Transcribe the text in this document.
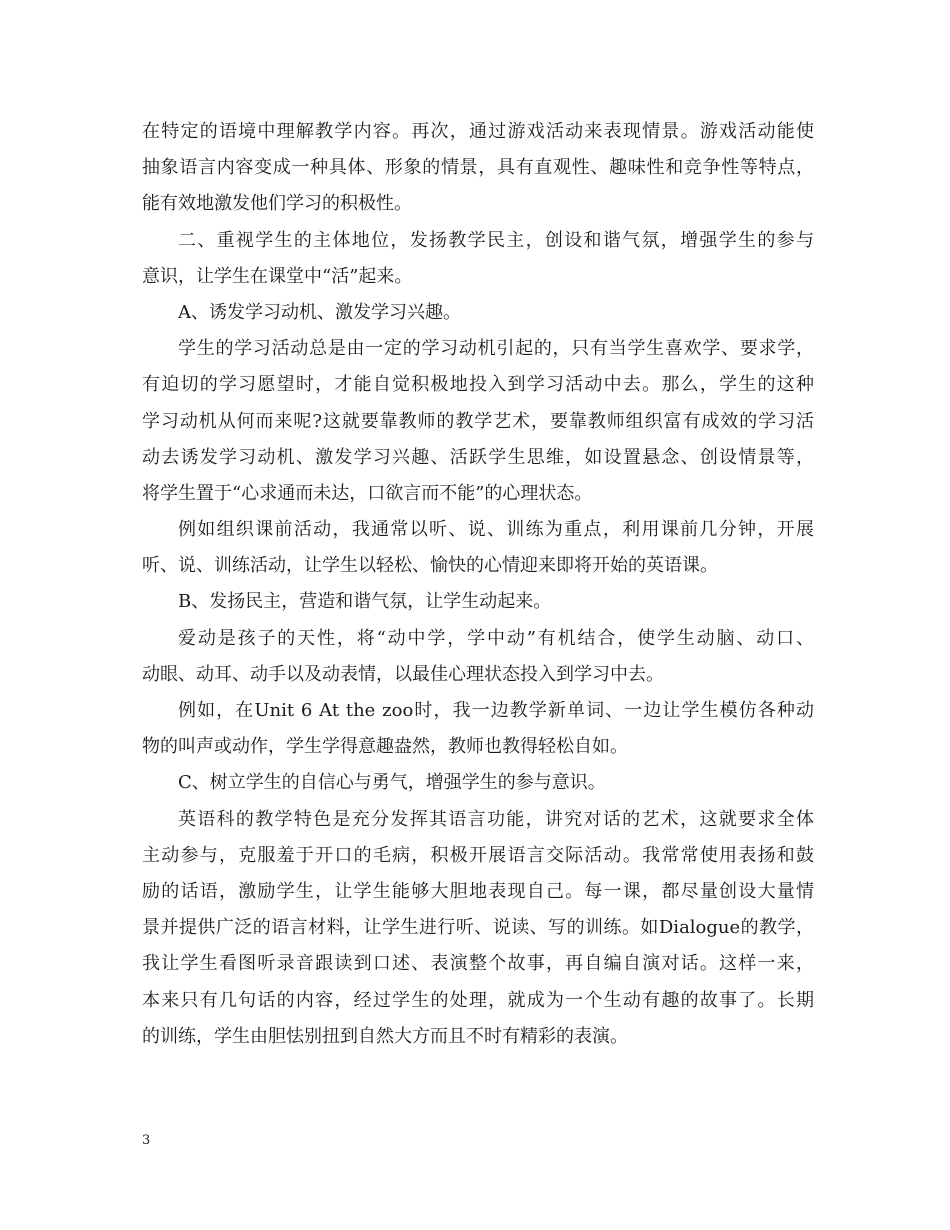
在特定的语境中理解教学内容。再次，通过游戏活动来表现情景。游戏活动能使
抽象语言内容变成一种具体、形象的情景，具有直观性、趣味性和竞争性等特点，
能有效地激发他们学习的积极性。
二、重视学生的主体地位，发扬教学民主，创设和谐气氛，增强学生的参与
意识，让学生在课堂中“活”起来。
A、诱发学习动机、激发学习兴趣。
学生的学习活动总是由一定的学习动机引起的，只有当学生喜欢学、要求学，
有迫切的学习愿望时，才能自觉积极地投入到学习活动中去。那么，学生的这种
学习动机从何而来呢?这就要靠教师的教学艺术，要靠教师组织富有成效的学习活
动去诱发学习动机、激发学习兴趣、活跃学生思维，如设置悬念、创设情景等，
将学生置于“心求通而未达，口欲言而不能”的心理状态。
例如组织课前活动，我通常以听、说、训练为重点，利用课前几分钟，开展
听、说、训练活动，让学生以轻松、愉快的心情迎来即将开始的英语课。
B、发扬民主，营造和谐气氛，让学生动起来。
爱动是孩子的天性，将“动中学，学中动”有机结合，使学生动脑、动口、
动眼、动耳、动手以及动表情，以最佳心理状态投入到学习中去。
例如，在Unit 6 At the zoo时，我一边教学新单词、一边让学生模仿各种动
物的叫声或动作，学生学得意趣盎然，教师也教得轻松自如。
C、树立学生的自信心与勇气，增强学生的参与意识。
英语科的教学特色是充分发挥其语言功能，讲究对话的艺术，这就要求全体
主动参与，克服羞于开口的毛病，积极开展语言交际活动。我常常使用表扬和鼓
励的话语，激励学生，让学生能够大胆地表现自己。每一课，都尽量创设大量情
景并提供广泛的语言材料，让学生进行听、说读、写的训练。如Dialogue的教学，
我让学生看图听录音跟读到口述、表演整个故事，再自编自演对话。这样一来，
本来只有几句话的内容，经过学生的处理，就成为一个生动有趣的故事了。长期
的训练，学生由胆怯别扭到自然大方而且不时有精彩的表演。
3
